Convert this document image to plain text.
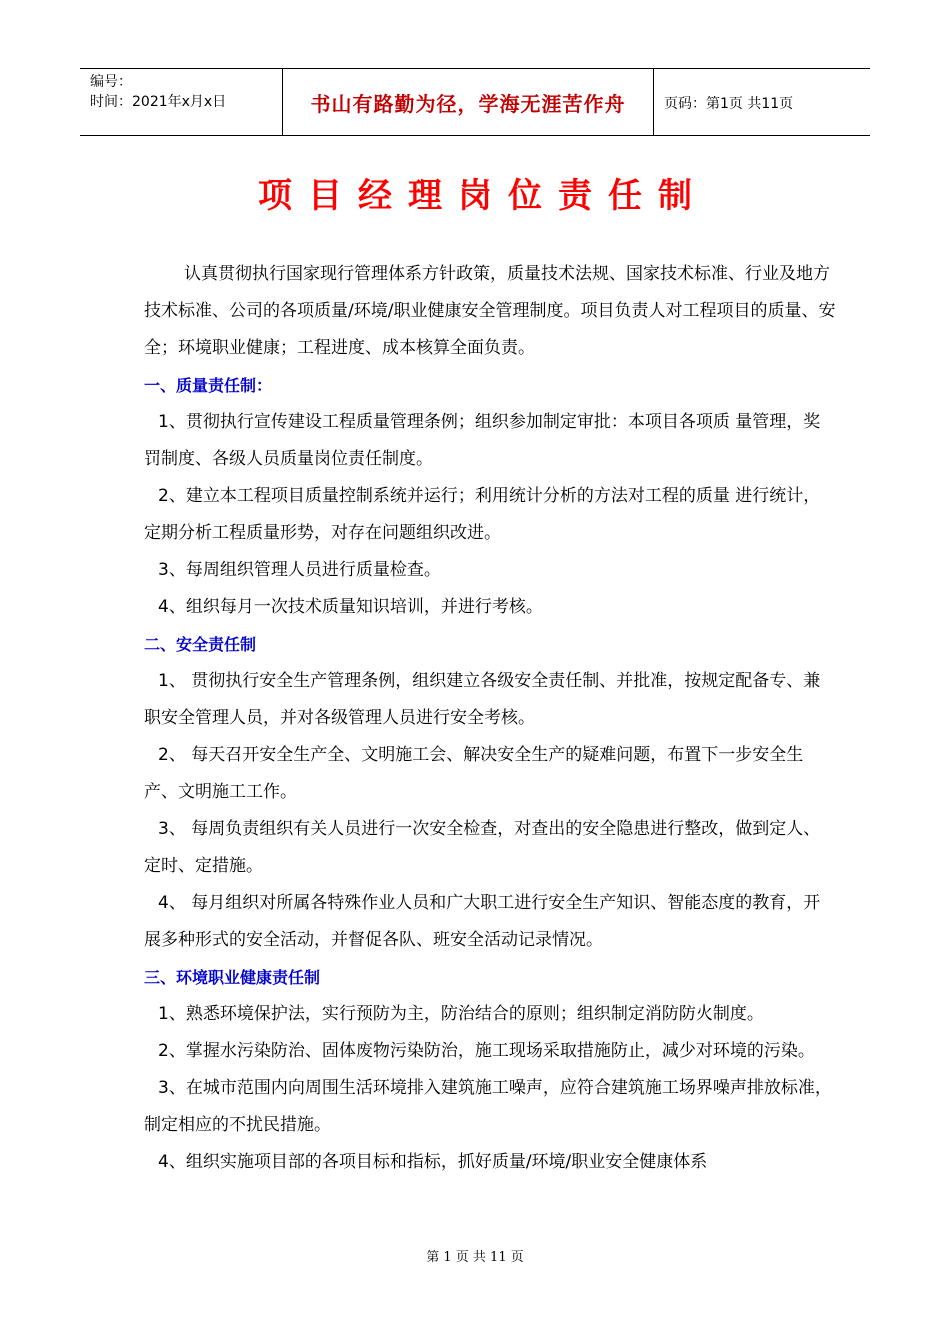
编号：
时间：2021年x月x日	书山有路勤为径，学海无涯苦作舟	页码：第1页 共11页
项目经理岗位责任制

认真贯彻执行国家现行管理体系方针政策，质量技术法规、国家技术标准、行业及地方技术标准、公司的各项质量/环境/职业健康安全管理制度。项目负责人对工程项目的质量、安全；环境职业健康；工程进度、成本核算全面负责。

一、质量责任制：

1、贯彻执行宣传建设工程质量管理条例；组织参加制定审批：本项目各项质 量管理，奖罚制度、各级人员质量岗位责任制度。

2、建立本工程项目质量控制系统并运行；利用统计分析的方法对工程的质量 进行统计，定期分析工程质量形势，对存在问题组织改进。

3、每周组织管理人员进行质量检查。

4、组织每月一次技术质量知识培训，并进行考核。

二、安全责任制

1、 贯彻执行安全生产管理条例，组织建立各级安全责任制、并批准，按规定配备专、兼职安全管理人员，并对各级管理人员进行安全考核。

2、 每天召开安全生产全、文明施工会、解决安全生产的疑难问题，布置下一步安全生产、文明施工工作。

3、 每周负责组织有关人员进行一次安全检查，对查出的安全隐患进行整改，做到定人、定时、定措施。

4、 每月组织对所属各特殊作业人员和广大职工进行安全生产知识、智能态度的教育，开展多种形式的安全活动，并督促各队、班安全活动记录情况。

三、环境职业健康责任制

1、熟悉环境保护法，实行预防为主，防治结合的原则；组织制定消防防火制度。

2、掌握水污染防治、固体废物污染防治，施工现场采取措施防止，减少对环境的污染。

3、在城市范围内向周围生活环境排入建筑施工噪声，应符合建筑施工场界噪声排放标准，制定相应的不扰民措施。

4、组织实施项目部的各项目标和指标，抓好质量/环境/职业安全健康体系

第 1 页 共 11 页
